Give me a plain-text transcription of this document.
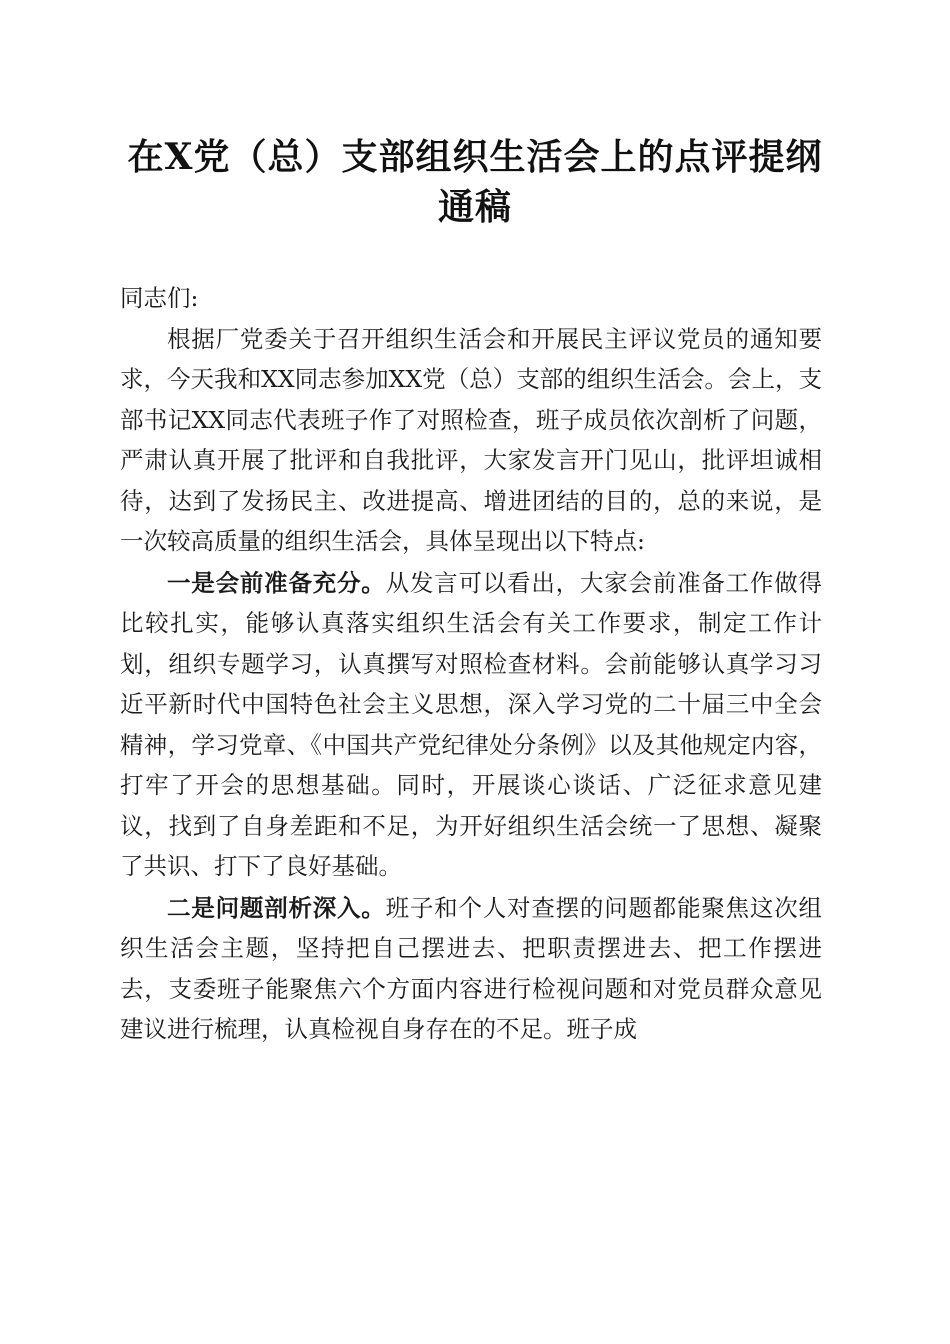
在X党（总）支部组织生活会上的点评提纲通稿

同志们:

根据厂党委关于召开组织生活会和开展民主评议党员的通知要求，今天我和XX同志参加XX党（总）支部的组织生活会。会上，支部书记XX同志代表班子作了对照检查，班子成员依次剖析了问题，严肃认真开展了批评和自我批评，大家发言开门见山，批评坦诚相待，达到了发扬民主、改进提高、增进团结的目的，总的来说，是一次较高质量的组织生活会，具体呈现出以下特点:

一是会前准备充分。从发言可以看出，大家会前准备工作做得比较扎实，能够认真落实组织生活会有关工作要求，制定工作计划，组织专题学习，认真撰写对照检查材料。会前能够认真学习习近平新时代中国特色社会主义思想，深入学习党的二十届三中全会精神，学习党章、《中国共产党纪律处分条例》以及其他规定内容，打牢了开会的思想基础。同时，开展谈心谈话、广泛征求意见建议，找到了自身差距和不足，为开好组织生活会统一了思想、凝聚了共识、打下了良好基础。

二是问题剖析深入。班子和个人对查摆的问题都能聚焦这次组织生活会主题，坚持把自己摆进去、把职责摆进去、把工作摆进去，支委班子能聚焦六个方面内容进行检视问题和对党员群众意见建议进行梳理，认真检视自身存在的不足。班子成
